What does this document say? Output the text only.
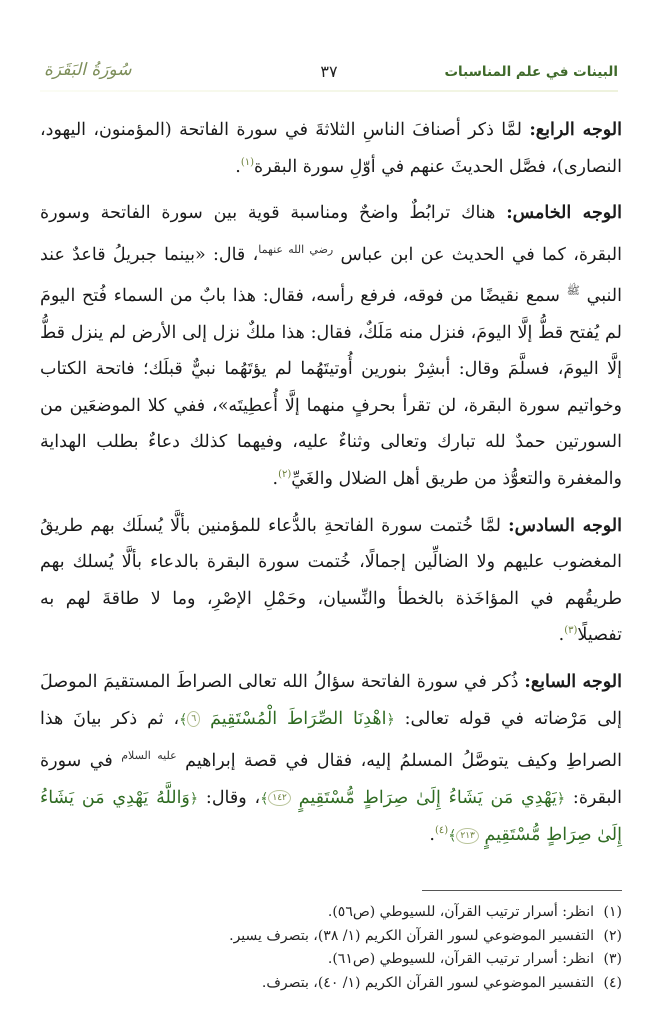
البينات في علم المناسبات
٣٧
سُورَةُ البَقَرَة

الوجه الرابع: لمَّا ذكر أصنافَ الناسِ الثلاثةَ في سورة الفاتحة (المؤمنون، اليهود، النصارى)، فصَّل الحديثَ عنهم في أوّلِ سورة البقرة$^{(١)}$.

الوجه الخامس: هناك ترابُطٌ واضحٌ ومناسبة قوية بين سورة الفاتحة وسورة البقرة، كما في الحديث عن ابن عباس $^{رضي الله عنهما}$، قال: «بينما جبريلُ قاعدٌ عند النبي $^ﷺ$ سمع نقيضًا من فوقه، فرفع رأسه، فقال: هذا بابٌ من السماء فُتح اليومَ لم يُفتح قطُّ إلَّا اليومَ، فنزل منه مَلَكٌ، فقال: هذا ملكٌ نزل إلى الأرض لم ينزل قطُّ إلَّا اليومَ، فسلَّمَ وقال: أبشِرْ بنورين أُوتيتَهُما لم يؤتَهُما نبيٌّ قبلَك؛ فاتحة الكتاب وخواتيم سورة البقرة، لن تقرأ بحرفٍ منهما إلَّا أُعطِيتَه»، ففي كلا الموضعَين من السورتين حمدٌ لله تبارك وتعالى وثناءٌ عليه، وفيهما كذلك دعاءٌ بطلب الهداية والمغفرة والتعوُّذ من طريق أهل الضلال والغَيِّ$^{(٢)}$.

الوجه السادس: لمَّا خُتمت سورة الفاتحةِ بالدُّعاء للمؤمنين بألَّا يُسلَك بهم طريقُ المغضوب عليهم ولا الضالِّين إجمالًا، خُتمت سورة البقرة بالدعاء بألَّا يُسلك بهم طريقُهم في المؤاخَذة بالخطأ والنِّسيان، وحَمْلِ الإصْرِ، وما لا طاقةَ لهم به تفصيلًا$^{(٣)}$.

الوجه السابع: ذُكر في سورة الفاتحة سؤالُ الله تعالى الصراطَ المستقيمَ الموصلَ إلى مَرْضاته في قوله تعالى: ﴿اهْدِنَا الصِّرَاطَ الْمُسْتَقِيمَ ٦﴾، ثم ذكر بيانَ هذا الصراطِ وكيف يتوصَّلُ المسلمُ إليه، فقال في قصة إبراهيم $^{عليه السلام}$ في سورة البقرة: ﴿يَهْدِي مَن يَشَاءُ إِلَىٰ صِرَاطٍ مُّسْتَقِيمٍ ١٤٢﴾، وقال: ﴿وَاللَّهُ يَهْدِي مَن يَشَاءُ إِلَىٰ صِرَاطٍ مُّسْتَقِيمٍ ٢١٣﴾$^{(٤)}$.

(١)
انظر: أسرار ترتيب القرآن، للسيوطي (ص٥٦).
(٢)
التفسير الموضوعي لسور القرآن الكريم (١/ ٣٨)، بتصرف يسير.
(٣)
انظر: أسرار ترتيب القرآن، للسيوطي (ص٦١).
(٤)
التفسير الموضوعي لسور القرآن الكريم (١/ ٤٠)، بتصرف.
